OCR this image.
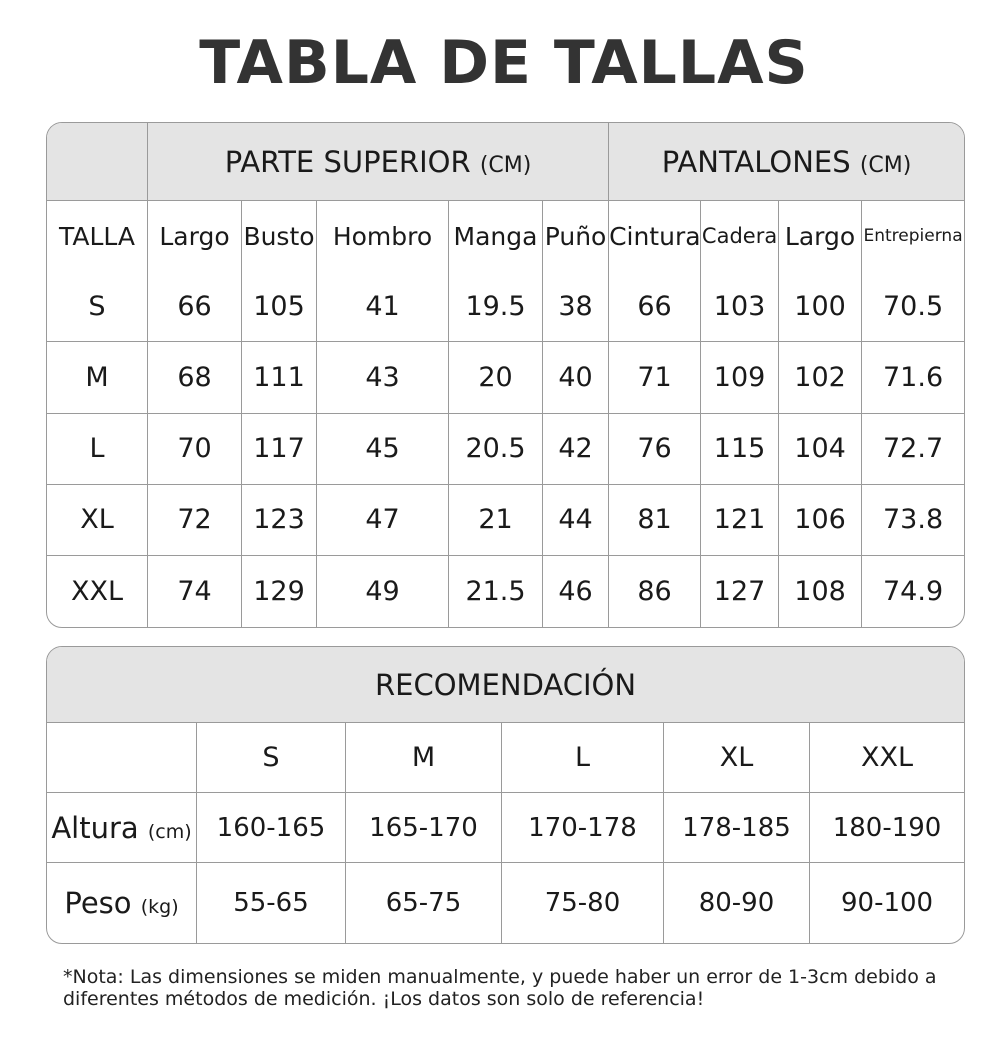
TABLA DE TALLAS
	PARTE SUPERIOR (CM)					PANTALONES (CM)			
TALLA	Largo	Busto	Hombro	Manga	Puño	Cintura	Cadera	Largo	Entrepierna
S	66	105	41	19.5	38	66	103	100	70.5
M	68	111	43	20	40	71	109	102	71.6
L	70	117	45	20.5	42	76	115	104	72.7
XL	72	123	47	21	44	81	121	106	73.8
XXL	74	129	49	21.5	46	86	127	108	74.9
RECOMENDACIÓN					
	S	M	L	XL	XXL
Altura (cm)	160-165	165-170	170-178	178-185	180-190
Peso (kg)	55-65	65-75	75-80	80-90	90-100
*Nota: Las dimensiones se miden manualmente, y puede haber un error de 1-3cm debido a diferentes métodos de medición. ¡Los datos son solo de referencia!
